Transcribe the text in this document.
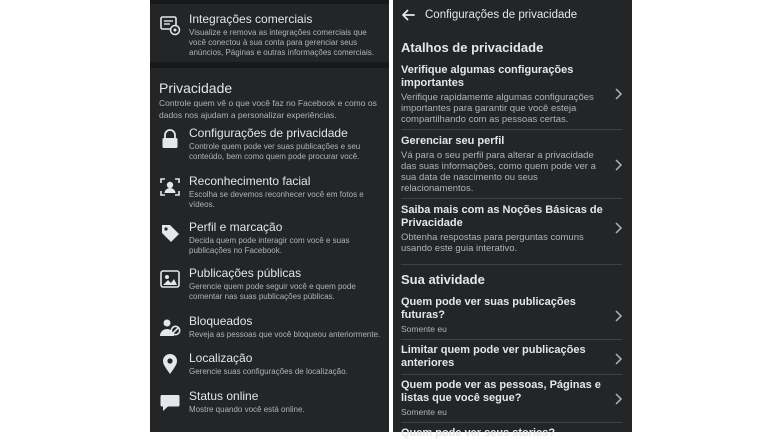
Integrações comerciais
Visualize e remova as integrações comerciais que você conectou à sua conta para gerenciar seus anúncios, Páginas e outras informações comerciais.
Privacidade
Controle quem vê o que você faz no Facebook e como os dados nos ajudam a personalizar experiências.
Configurações de privacidade
Controle quem pode ver suas publicações e seu conteúdo, bem como quem pode procurar você.
Reconhecimento facial
Escolha se devemos reconhecer você em fotos e vídeos.
Perfil e marcação
Decida quem pode interagir com você e suas publicações no Facebook.
Publicações públicas
Gerencie quem pode seguir você e quem pode comentar nas suas publicações públicas.
Bloqueados
Reveja as pessoas que você bloqueou anteriormente.
Localização
Gerencie suas configurações de localização.
Status online
Mostre quando você está online.
Configurações de privacidade
Atalhos de privacidade
Verifique algumas configurações importantes
Verifique rapidamente algumas configurações importantes para garantir que você esteja compartilhando com as pessoas certas.
Gerenciar seu perfil
Vá para o seu perfil para alterar a privacidade das suas informações, como quem pode ver a sua data de nascimento ou seus relacionamentos.
Saiba mais com as Noções Básicas de Privacidade
Obtenha respostas para perguntas comuns usando este guia interativo.
Sua atividade
Quem pode ver suas publicações futuras?
Somente eu
Limitar quem pode ver publicações anteriores
Quem pode ver as pessoas, Páginas e listas que você segue?
Somente eu
Quem pode ver seus stories?
